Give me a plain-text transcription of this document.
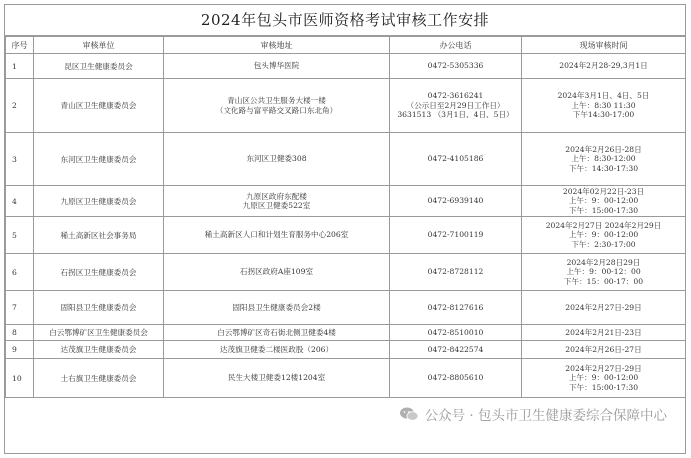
2024年包头市医师资格考试审核工作安排
序号	审核单位	审核地址	办公电话	现场审核时间
1	昆区卫生健康委员会	包头博华医院	0472-5305336	2024年2月28-29,3月1日

2	青山区卫生健康委员会	青山区公共卫生服务大楼一楼
（文化路与富平路交叉路口东北角）	0472-3616241
（公示日至2月29日工作日）
3631513 （3月1日、4日、5日）	2024年3月1日、4日、5日
上午：8:30 11:30
下午14:30-17:00

3	东河区卫生健康委员会	东河区卫健委308	0472-4105186	2024年2月26日-28日
上午：8:30-12:00
下午：14:30-17:30

4	九原区卫生健康委员会	九原区政府东配楼
九原区卫健委522室	0472-6939140	2024年02月22日-23日
上午：9：00-12:00
下午：15:00-17:30

5	稀土高新区社会事务局	稀土高新区人口和计划生育服务中心206室	0472-7100119	2024年2月27日 2024年2月29日
上午：9：00-12:00
下午：2:30-17:00

6	石拐区卫生健康委员会	石拐区政府A座109室	0472-8728112	2024年2月28日29日
上午：9：00-12：00
下午：15：00-17：00

7	固阳县卫生健康委员会	固阳县卫生健康委员会2楼	0472-8127616	2024年2月27日-29日

8	白云鄂博矿区卫生健康委员会	白云鄂博矿区奇石街北侧卫健委4楼	0472-8510010	2024年2月21日-23日

9	达茂旗卫生健康委员会	达茂旗卫健委二楼医政股（206）	0472-8422574	2024年2月26日-27日

10	土右旗卫生健康委员会	民生大楼卫健委12楼1204室	0472-8805610	2024年2月27日-29日
上午：9：00-12:00
下午：15:00-17:30
公众号 · 包头市卫生健康委综合保障中心
